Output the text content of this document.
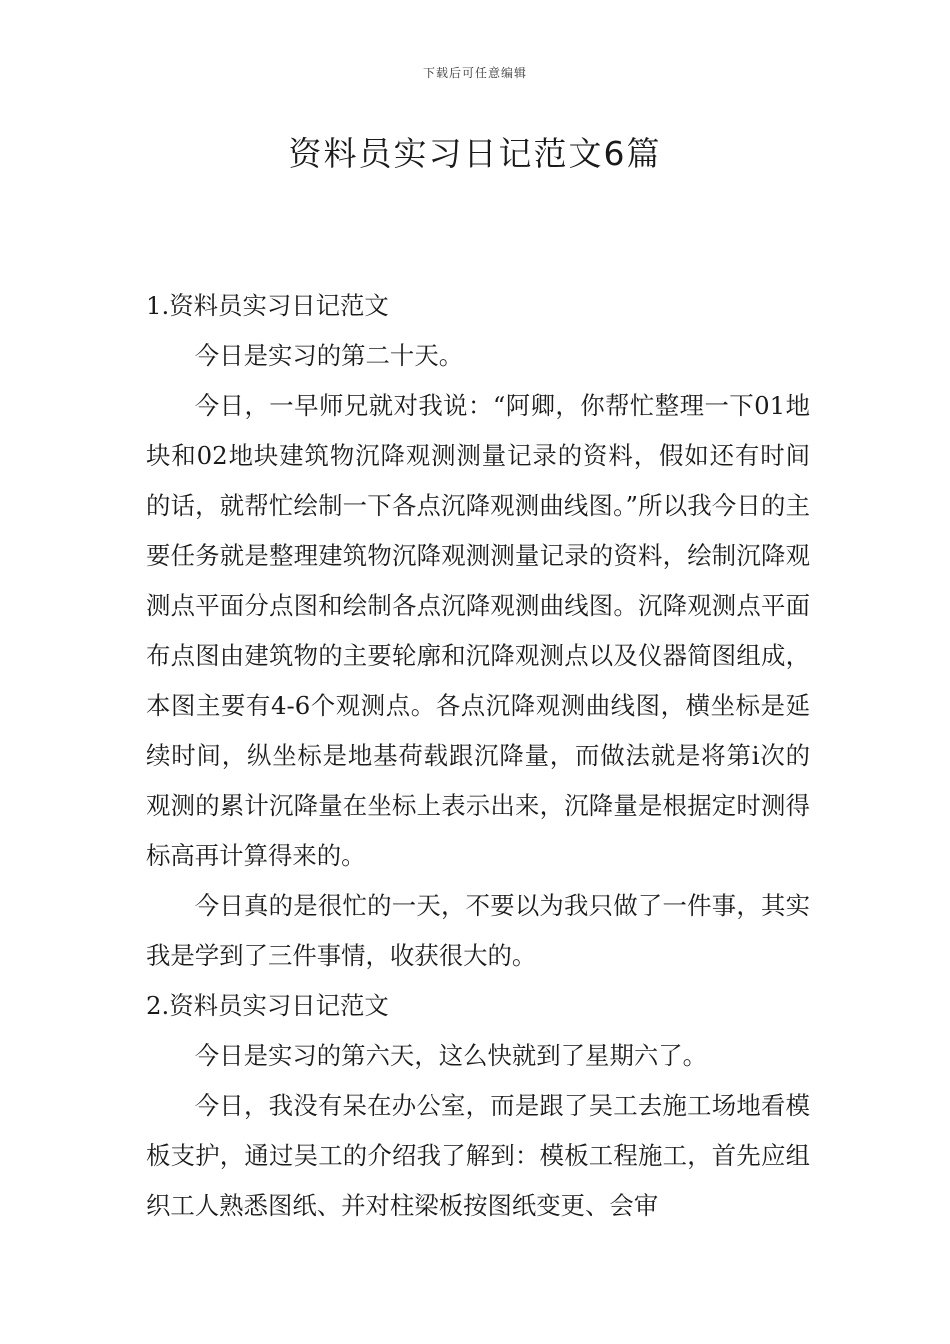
下载后可任意编辑
资料员实习日记范文6篇

1.资料员实习日记范文

今日是实习的第二十天。

今日，一早师兄就对我说：“阿卿，你帮忙整理一下01地块和02地块建筑物沉降观测测量记录的资料，假如还有时间的话，就帮忙绘制一下各点沉降观测曲线图。”所以我今日的主要任务就是整理建筑物沉降观测测量记录的资料，绘制沉降观测点平面分点图和绘制各点沉降观测曲线图。沉降观测点平面布点图由建筑物的主要轮廓和沉降观测点以及仪器简图组成，本图主要有4-6个观测点。各点沉降观测曲线图，横坐标是延续时间，纵坐标是地基荷载跟沉降量，而做法就是将第i次的观测的累计沉降量在坐标上表示出来，沉降量是根据定时测得标高再计算得来的。

今日真的是很忙的一天，不要以为我只做了一件事，其实我是学到了三件事情，收获很大的。

2.资料员实习日记范文

今日是实习的第六天，这么快就到了星期六了。

今日，我没有呆在办公室，而是跟了吴工去施工场地看模板支护，通过吴工的介绍我了解到：模板工程施工，首先应组织工人熟悉图纸、并对柱梁板按图纸变更、会审
